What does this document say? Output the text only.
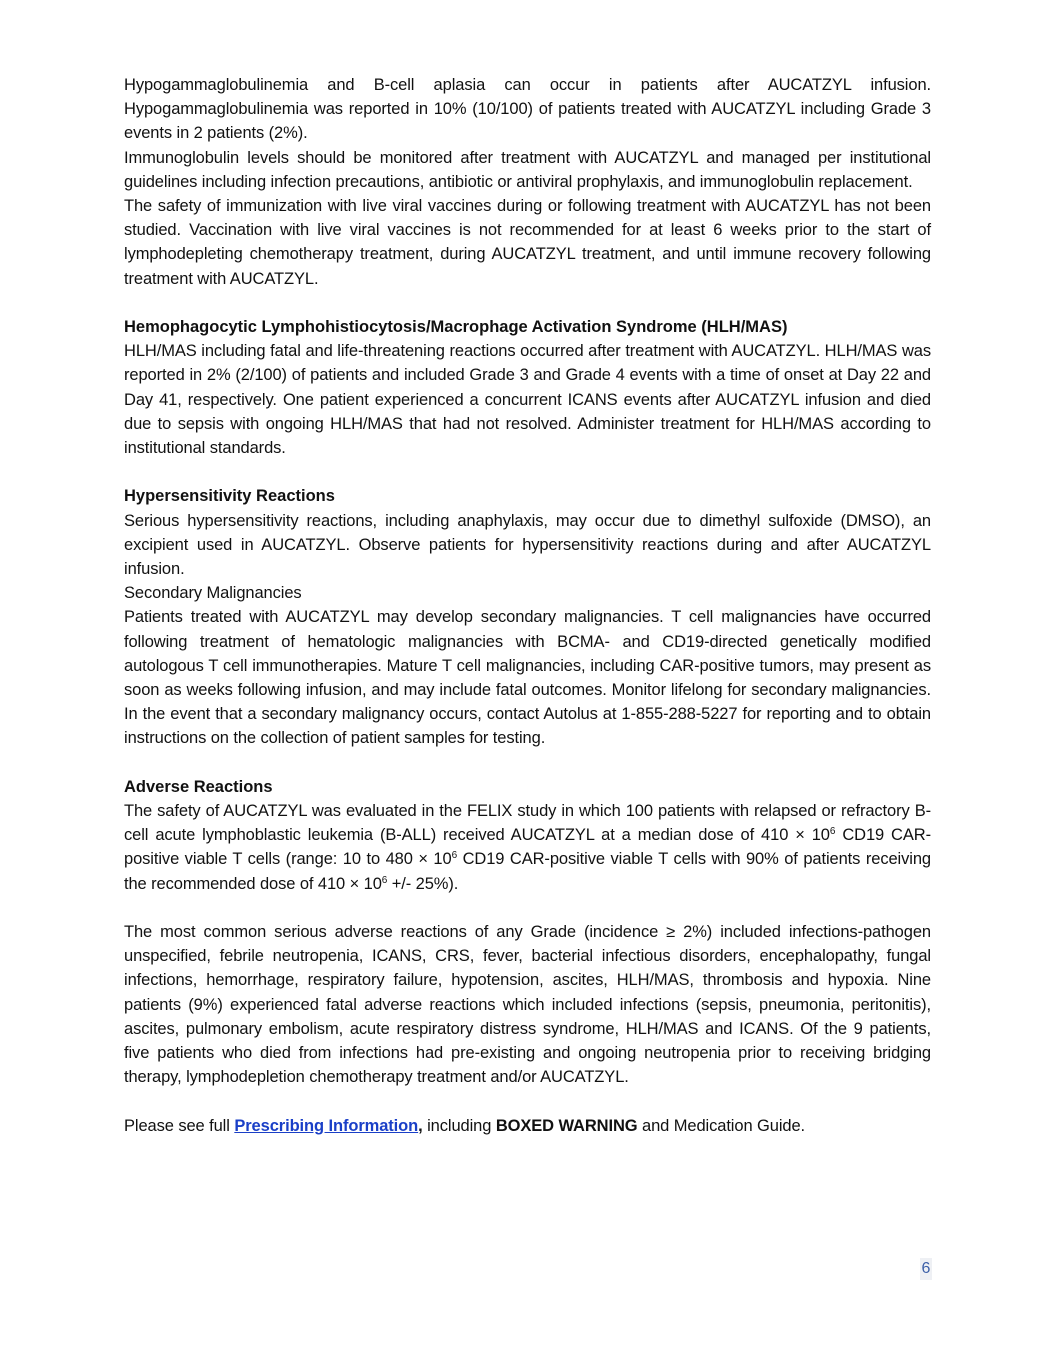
Hypogammaglobulinemia and B-cell aplasia can occur in patients after AUCATZYL infusion. Hypogammaglobulinemia was reported in 10% (10/100) of patients treated with AUCATZYL including Grade 3 events in 2 patients (2%).

Immunoglobulin levels should be monitored after treatment with AUCATZYL and managed per institutional guidelines including infection precautions, antibiotic or antiviral prophylaxis, and immunoglobulin replacement.

The safety of immunization with live viral vaccines during or following treatment with AUCATZYL has not been studied. Vaccination with live viral vaccines is not recommended for at least 6 weeks prior to the start of lymphodepleting chemotherapy treatment, during AUCATZYL treatment, and until immune recovery following treatment with AUCATZYL.

Hemophagocytic Lymphohistiocytosis/Macrophage Activation Syndrome (HLH/MAS)

HLH/MAS including fatal and life-threatening reactions occurred after treatment with AUCATZYL. HLH/MAS was reported in 2% (2/100) of patients and included Grade 3 and Grade 4 events with a time of onset at Day 22 and Day 41, respectively. One patient experienced a concurrent ICANS events after AUCATZYL infusion and died due to sepsis with ongoing HLH/MAS that had not resolved. Administer treatment for HLH/MAS according to institutional standards.

Hypersensitivity Reactions

Serious hypersensitivity reactions, including anaphylaxis, may occur due to dimethyl sulfoxide (DMSO), an excipient used in AUCATZYL. Observe patients for hypersensitivity reactions during and after AUCATZYL infusion.

Secondary Malignancies

Patients treated with AUCATZYL may develop secondary malignancies. T cell malignancies have occurred following treatment of hematologic malignancies with BCMA- and CD19-directed genetically modified autologous T cell immunotherapies. Mature T cell malignancies, including CAR-positive tumors, may present as soon as weeks following infusion, and may include fatal outcomes. Monitor lifelong for secondary malignancies. In the event that a secondary malignancy occurs, contact Autolus at 1-855-288-5227 for reporting and to obtain instructions on the collection of patient samples for testing.

Adverse Reactions

The safety of AUCATZYL was evaluated in the FELIX study in which 100 patients with relapsed or refractory B-cell acute lymphoblastic leukemia (B-ALL) received AUCATZYL at a median dose of $410 \times 10^6$ CD19 CAR-positive viable T cells (range: 10 to $480 \times 10^6$ CD19 CAR-positive viable T cells with 90% of patients receiving the recommended dose of $410 \times 10^6$ +/- 25%).

The most common serious adverse reactions of any Grade (incidence ≥ 2%) included infections-pathogen unspecified, febrile neutropenia, ICANS, CRS, fever, bacterial infectious disorders, encephalopathy, fungal infections, hemorrhage, respiratory failure, hypotension, ascites, HLH/MAS, thrombosis and hypoxia. Nine patients (9%) experienced fatal adverse reactions which included infections (sepsis, pneumonia, peritonitis), ascites, pulmonary embolism, acute respiratory distress syndrome, HLH/MAS and ICANS. Of the 9 patients, five patients who died from infections had pre-existing and ongoing neutropenia prior to receiving bridging therapy, lymphodepletion chemotherapy treatment and/or AUCATZYL.

Please see full Prescribing Information, including BOXED WARNING and Medication Guide.

6
